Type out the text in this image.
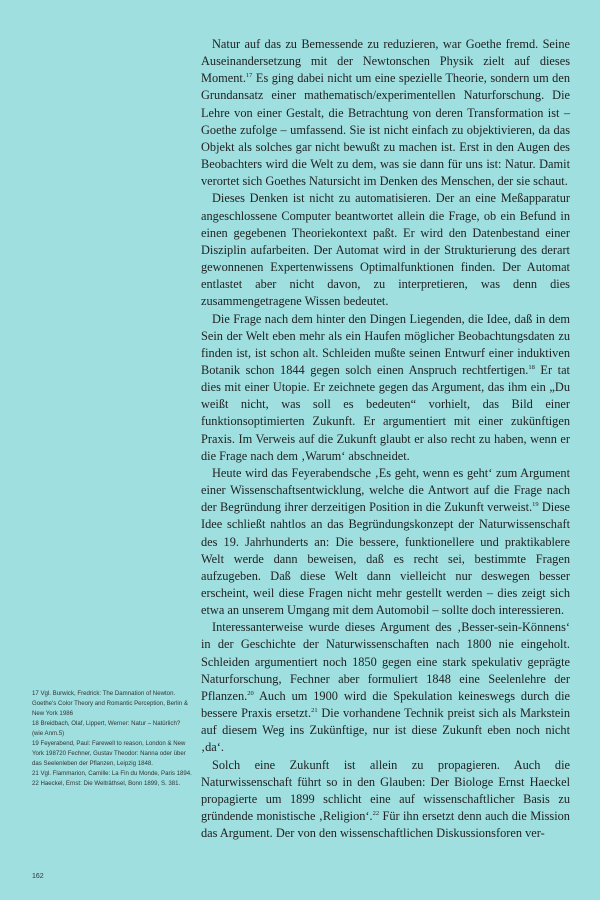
Natur auf das zu Bemessende zu reduzieren, war Goethe fremd. Seine Auseinandersetzung mit der Newtonschen Physik zielt auf dieses Moment.$^{17}$ Es ging dabei nicht um eine spezielle Theorie, sondern um den Grundansatz einer mathematisch/experimentellen Naturforschung. Die Lehre von einer Gestalt, die Betrachtung von deren Transformation ist – Goethe zufolge – umfassend. Sie ist nicht einfach zu objektivieren, da das Objekt als solches gar nicht bewußt zu machen ist. Erst in den Augen des Beobachters wird die Welt zu dem, was sie dann für uns ist: Natur. Damit verortet sich Goethes Natursicht im Denken des Menschen, der sie schaut.

Dieses Denken ist nicht zu automatisieren. Der an eine Meßapparatur angeschlossene Computer beantwortet allein die Frage, ob ein Befund in einen gegebenen Theoriekontext paßt. Er wird den Datenbestand einer Disziplin aufarbeiten. Der Automat wird in der Strukturierung des derart gewonnenen Expertenwissens Optimalfunktionen finden. Der Automat entlastet aber nicht davon, zu interpretieren, was denn dies zusammengetragene Wissen bedeutet.

Die Frage nach dem hinter den Dingen Liegenden, die Idee, daß in dem Sein der Welt eben mehr als ein Haufen möglicher Beobachtungsdaten zu finden ist, ist schon alt. Schleiden mußte seinen Entwurf einer induktiven Botanik schon 1844 gegen solch einen Anspruch rechtfertigen.$^{18}$ Er tat dies mit einer Utopie. Er zeichnete gegen das Argument, das ihm ein „Du weißt nicht, was soll es bedeuten“ vorhielt, das Bild einer funktionsoptimierten Zukunft. Er argumentiert mit einer zukünftigen Praxis. Im Verweis auf die Zukunft glaubt er also recht zu haben, wenn er die Frage nach dem ‚Warum‘ abschneidet.

Heute wird das Feyerabendsche ‚Es geht, wenn es geht‘ zum Argument einer Wissenschaftsentwicklung, welche die Antwort auf die Frage nach der Begründung ihrer derzeitigen Position in die Zukunft verweist.$^{19}$ Diese Idee schließt nahtlos an das Begründungskonzept der Naturwissenschaft des 19. Jahrhunderts an: Die bessere, funktionellere und praktikablere Welt werde dann beweisen, daß es recht sei, bestimmte Fragen aufzugeben. Daß diese Welt dann vielleicht nur deswegen besser erscheint, weil diese Fragen nicht mehr gestellt werden – dies zeigt sich etwa an unserem Umgang mit dem Automobil – sollte doch interessieren.

Interessanterweise wurde dieses Argument des ‚Besser-sein-Könnens‘ in der Geschichte der Naturwissenschaften nach 1800 nie eingeholt. Schleiden argumentiert noch 1850 gegen eine stark spekulativ geprägte Naturforschung, Fechner aber formuliert 1848 eine Seelenlehre der Pflanzen.$^{20}$ Auch um 1900 wird die Spekulation keineswegs durch die bessere Praxis ersetzt.$^{21}$ Die vorhandene Technik preist sich als Markstein auf diesem Weg ins Zukünftige, nur ist diese Zukunft eben noch nicht ‚da‘.

Solch eine Zukunft ist allein zu propagieren. Auch die Naturwissenschaft führt so in den Glauben: Der Biologe Ernst Haeckel propagierte um 1899 schlicht eine auf wissenschaftlicher Basis zu gründende monistische ‚Religion‘.$^{22}$ Für ihn ersetzt denn auch die Mission das Argument. Der von den wissenschaftlichen Diskussionsforen ver-

17 Vgl. Burwick, Fredrick: The Damnation of Newton. Goethe’s Color Theory and Romantic Perception, Berlin & New York 1986

18 Breidbach, Olaf, Lippert, Werner: Natur – Natürlich? (wie Anm.5)

19 Feyerabend, Paul: Farewell to reason, London & New York 198720 Fechner, Gustav Theodor: Nanna oder über das Seelenleben der Pflanzen, Leipzig 1848.

21 Vgl. Flammarion, Camille: La Fin du Monde, Paris 1894.

22 Haeckel, Ernst: Die Welträthsel, Bonn 1899, S. 381.

162
